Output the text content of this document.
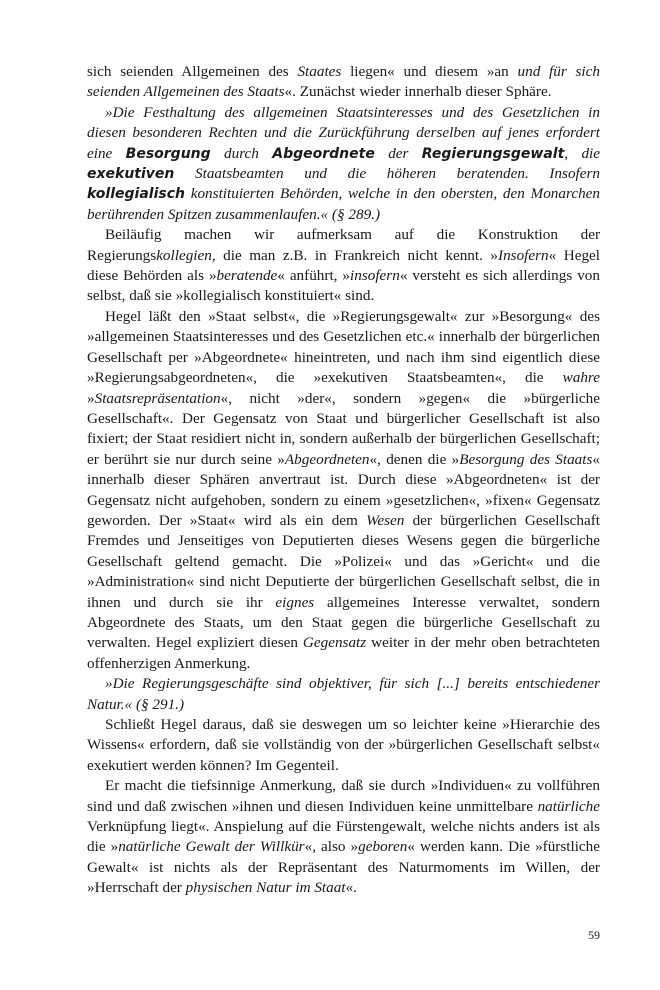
sich seienden Allgemeinen des Staates liegen« und diesem »an und für sich seienden Allgemeinen des Staats«. Zunächst wieder innerhalb dieser Sphäre.

»Die Festhaltung des allgemeinen Staatsinteresses und des Gesetzlichen in diesen besonderen Rechten und die Zurückführung derselben auf jenes erfordert eine Besorgung durch Abgeordnete der Regierungsgewalt, die exekutiven Staatsbeamten und die höheren beratenden. Insofern kollegialisch konstituierten Behörden, welche in den obersten, den Monarchen berührenden Spitzen zusammenlaufen.« (§ 289.)

Beiläufig machen wir aufmerksam auf die Konstruktion der Regierungskollegien, die man z.B. in Frankreich nicht kennt. »Insofern« Hegel diese Behörden als »beratende« anführt, »insofern« versteht es sich allerdings von selbst, daß sie »kollegialisch konstituiert« sind.

Hegel läßt den »Staat selbst«, die »Regierungsgewalt« zur »Besorgung« des »allgemeinen Staatsinteresses und des Gesetzlichen etc.« innerhalb der bürgerlichen Gesellschaft per »Abgeordnete« hineintreten, und nach ihm sind eigentlich diese »Regierungsabgeordneten«, die »exekutiven Staatsbeamten«, die wahre »Staatsrepräsentation«, nicht »der«, sondern »gegen« die »bürgerliche Gesellschaft«. Der Gegensatz von Staat und bürgerlicher Gesellschaft ist also fixiert; der Staat residiert nicht in, sondern außerhalb der bürgerlichen Gesellschaft; er berührt sie nur durch seine »Abgeordneten«, denen die »Besorgung des Staats« innerhalb dieser Sphären anvertraut ist. Durch diese »Abgeordneten« ist der Gegensatz nicht aufgehoben, sondern zu einem »gesetzlichen«, »fixen« Gegensatz geworden. Der »Staat« wird als ein dem Wesen der bürgerlichen Gesellschaft Fremdes und Jenseitiges von Deputierten dieses Wesens gegen die bürgerliche Gesellschaft geltend gemacht. Die »Polizei« und das »Gericht« und die »Administration« sind nicht Deputierte der bürgerlichen Gesellschaft selbst, die in ihnen und durch sie ihr eignes allgemeines Interesse verwaltet, sondern Abgeordnete des Staats, um den Staat gegen die bürgerliche Gesellschaft zu verwalten. Hegel expliziert diesen Gegensatz weiter in der mehr oben betrachteten offenherzigen Anmerkung.

»Die Regierungsgeschäfte sind objektiver, für sich [...] bereits entschiedener Natur.« (§ 291.)

Schließt Hegel daraus, daß sie deswegen um so leichter keine »Hierarchie des Wissens« erfordern, daß sie vollständig von der »bürgerlichen Gesellschaft selbst« exekutiert werden können? Im Gegenteil.

Er macht die tiefsinnige Anmerkung, daß sie durch »Individuen« zu vollführen sind und daß zwischen »ihnen und diesen Individuen keine unmittelbare natürliche Verknüpfung liegt«. Anspielung auf die Fürstengewalt, welche nichts anders ist als die »natürliche Gewalt der Willkür«, also »geboren« werden kann. Die »fürstliche Gewalt« ist nichts als der Repräsentant des Naturmoments im Willen, der »Herrschaft der physischen Natur im Staat«.

59
